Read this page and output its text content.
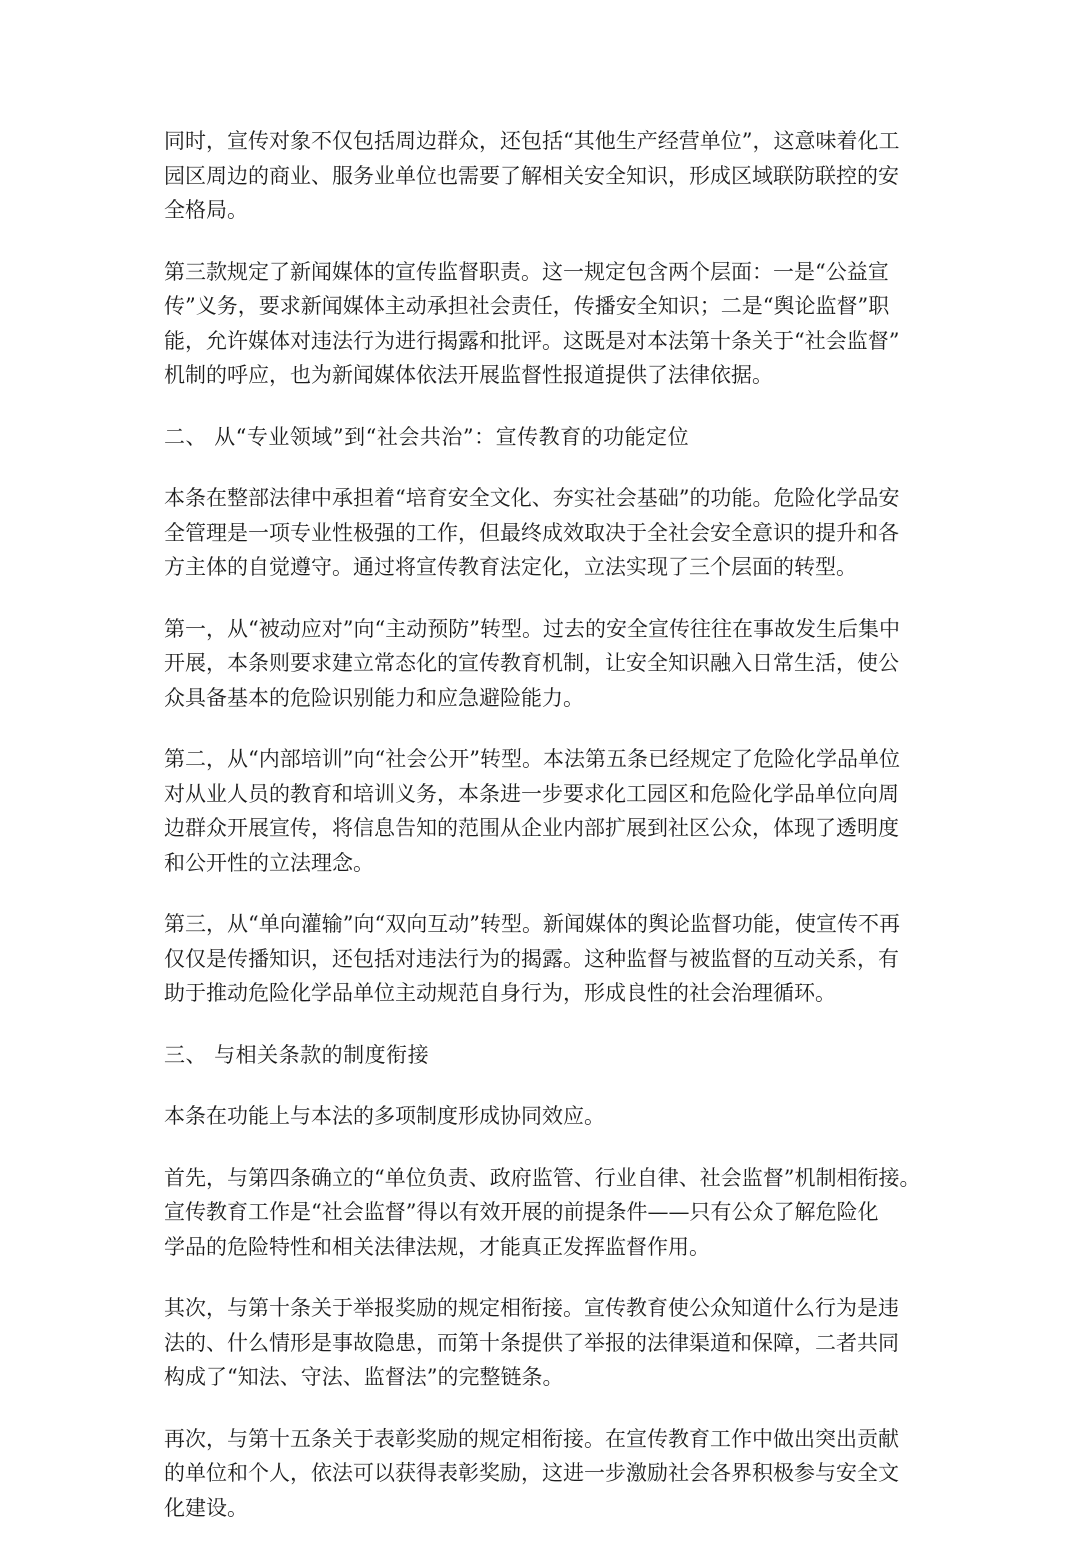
同时，宣传对象不仅包括周边群众，还包括“其他生产经营单位”，这意味着化工
园区周边的商业、服务业单位也需要了解相关安全知识，形成区域联防联控的安
全格局。
第三款规定了新闻媒体的宣传监督职责。这一规定包含两个层面：一是“公益宣
传”义务，要求新闻媒体主动承担社会责任，传播安全知识；二是“舆论监督”职
能，允许媒体对违法行为进行揭露和批评。这既是对本法第十条关于“社会监督”
机制的呼应，也为新闻媒体依法开展监督性报道提供了法律依据。
二、 从“专业领域”到“社会共治”：宣传教育的功能定位
本条在整部法律中承担着“培育安全文化、夯实社会基础”的功能。危险化学品安
全管理是一项专业性极强的工作，但最终成效取决于全社会安全意识的提升和各
方主体的自觉遵守。通过将宣传教育法定化，立法实现了三个层面的转型。
第一，从“被动应对”向“主动预防”转型。过去的安全宣传往往在事故发生后集中
开展，本条则要求建立常态化的宣传教育机制，让安全知识融入日常生活，使公
众具备基本的危险识别能力和应急避险能力。
第二，从“内部培训”向“社会公开”转型。本法第五条已经规定了危险化学品单位
对从业人员的教育和培训义务，本条进一步要求化工园区和危险化学品单位向周
边群众开展宣传，将信息告知的范围从企业内部扩展到社区公众，体现了透明度
和公开性的立法理念。
第三，从“单向灌输”向“双向互动”转型。新闻媒体的舆论监督功能，使宣传不再
仅仅是传播知识，还包括对违法行为的揭露。这种监督与被监督的互动关系，有
助于推动危险化学品单位主动规范自身行为，形成良性的社会治理循环。
三、 与相关条款的制度衔接
本条在功能上与本法的多项制度形成协同效应。
首先，与第四条确立的“单位负责、政府监管、行业自律、社会监督”机制相衔接。
宣传教育工作是“社会监督”得以有效开展的前提条件——只有公众了解危险化
学品的危险特性和相关法律法规，才能真正发挥监督作用。
其次，与第十条关于举报奖励的规定相衔接。宣传教育使公众知道什么行为是违
法的、什么情形是事故隐患，而第十条提供了举报的法律渠道和保障，二者共同
构成了“知法、守法、监督法”的完整链条。
再次，与第十五条关于表彰奖励的规定相衔接。在宣传教育工作中做出突出贡献
的单位和个人，依法可以获得表彰奖励，这进一步激励社会各界积极参与安全文
化建设。
